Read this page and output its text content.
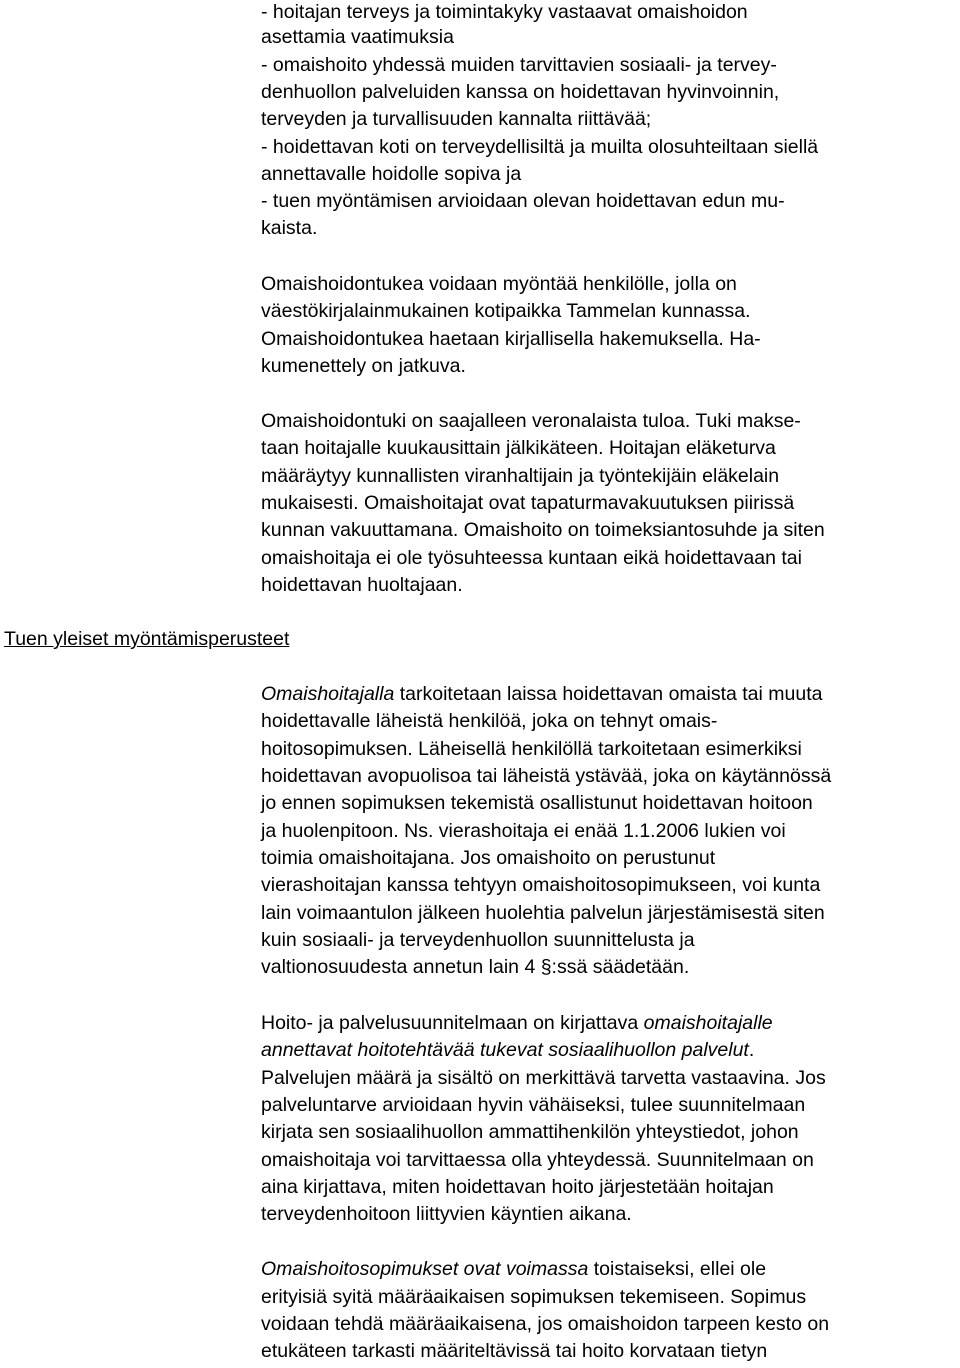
Tuen yleiset myöntämisperusteet

- hoitajan terveys ja toimintakyky vastaavat omaishoidon

asettamia vaatimuksia

- omaishoito yhdessä muiden tarvittavien sosiaali- ja tervey-

denhuollon palveluiden kanssa on hoidettavan hyvinvoinnin,

terveyden ja turvallisuuden kannalta riittävää;

- hoidettavan koti on terveydellisiltä ja muilta olosuhteiltaan siellä

annettavalle hoidolle sopiva ja

- tuen myöntämisen arvioidaan olevan hoidettavan edun mu-

kaista.

Omaishoidontukea voidaan myöntää henkilölle, jolla on

väestökirjalainmukainen kotipaikka Tammelan kunnassa.

Omaishoidontukea haetaan kirjallisella hakemuksella. Ha-

kumenettely on jatkuva.

Omaishoidontuki on saajalleen veronalaista tuloa. Tuki makse-

taan hoitajalle kuukausittain jälkikäteen. Hoitajan eläketurva

määräytyy kunnallisten viranhaltijain ja työntekijäin eläkelain

mukaisesti. Omaishoitajat ovat tapaturmavakuutuksen piirissä

kunnan vakuuttamana. Omaishoito on toimeksiantosuhde ja siten

omaishoitaja ei ole työsuhteessa kuntaan eikä hoidettavaan tai

hoidettavan huoltajaan.

Omaishoitajalla tarkoitetaan laissa hoidettavan omaista tai muuta

hoidettavalle läheistä henkilöä, joka on tehnyt omais-

hoitosopimuksen. Läheisellä henkilöllä tarkoitetaan esimerkiksi

hoidettavan avopuolisoa tai läheistä ystävää, joka on käytännössä

jo ennen sopimuksen tekemistä osallistunut hoidettavan hoitoon

ja huolenpitoon. Ns. vierashoitaja ei enää 1.1.2006 lukien voi

toimia omaishoitajana. Jos omaishoito on perustunut

vierashoitajan kanssa tehtyyn omaishoitosopimukseen, voi kunta

lain voimaantulon jälkeen huolehtia palvelun järjestämisestä siten

kuin sosiaali- ja terveydenhuollon suunnittelusta ja

valtionosuudesta annetun lain 4 §:ssä säädetään.

Hoito- ja palvelusuunnitelmaan on kirjattava omaishoitajalle

annettavat hoitotehtävää tukevat sosiaalihuollon palvelut.

Palvelujen määrä ja sisältö on merkittävä tarvetta vastaavina. Jos

palveluntarve arvioidaan hyvin vähäiseksi, tulee suunnitelmaan

kirjata sen sosiaalihuollon ammattihenkilön yhteystiedot, johon

omaishoitaja voi tarvittaessa olla yhteydessä. Suunnitelmaan on

aina kirjattava, miten hoidettavan hoito järjestetään hoitajan

terveydenhoitoon liittyvien käyntien aikana.

Omaishoitosopimukset ovat voimassa toistaiseksi, ellei ole

erityisiä syitä määräaikaisen sopimuksen tekemiseen. Sopimus

voidaan tehdä määräaikaisena, jos omaishoidon tarpeen kesto on

etukäteen tarkasti määriteltävissä tai hoito korvataan tietyn
